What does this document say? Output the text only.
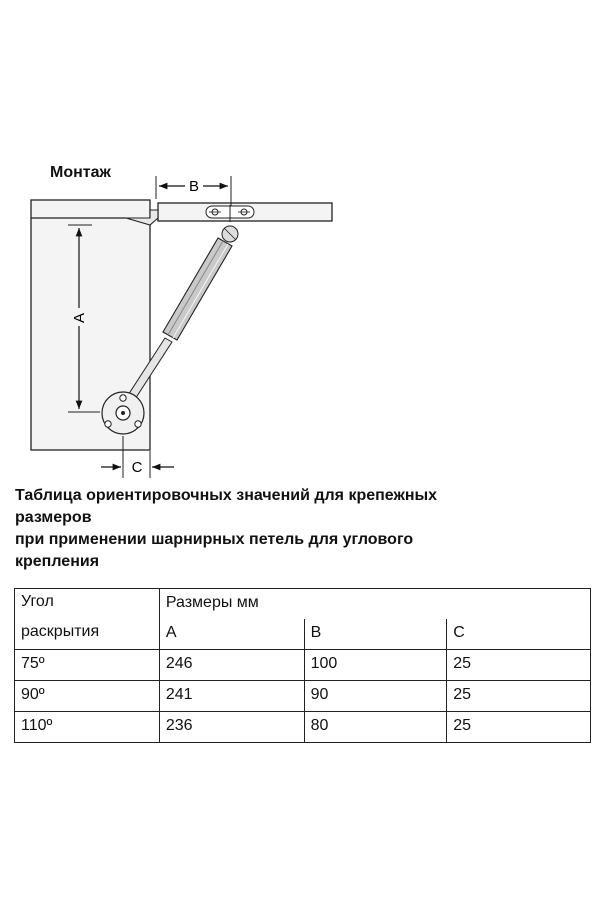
Монтаж
A
B
C
Таблица ориентировочных значений для крепежных
размеров
при применении шарнирных петель для углового
крепления
Угол	Размеры мм		
раскрытия	A	B	C
75º	246	100	25
90º	241	90	25
110º	236	80	25
